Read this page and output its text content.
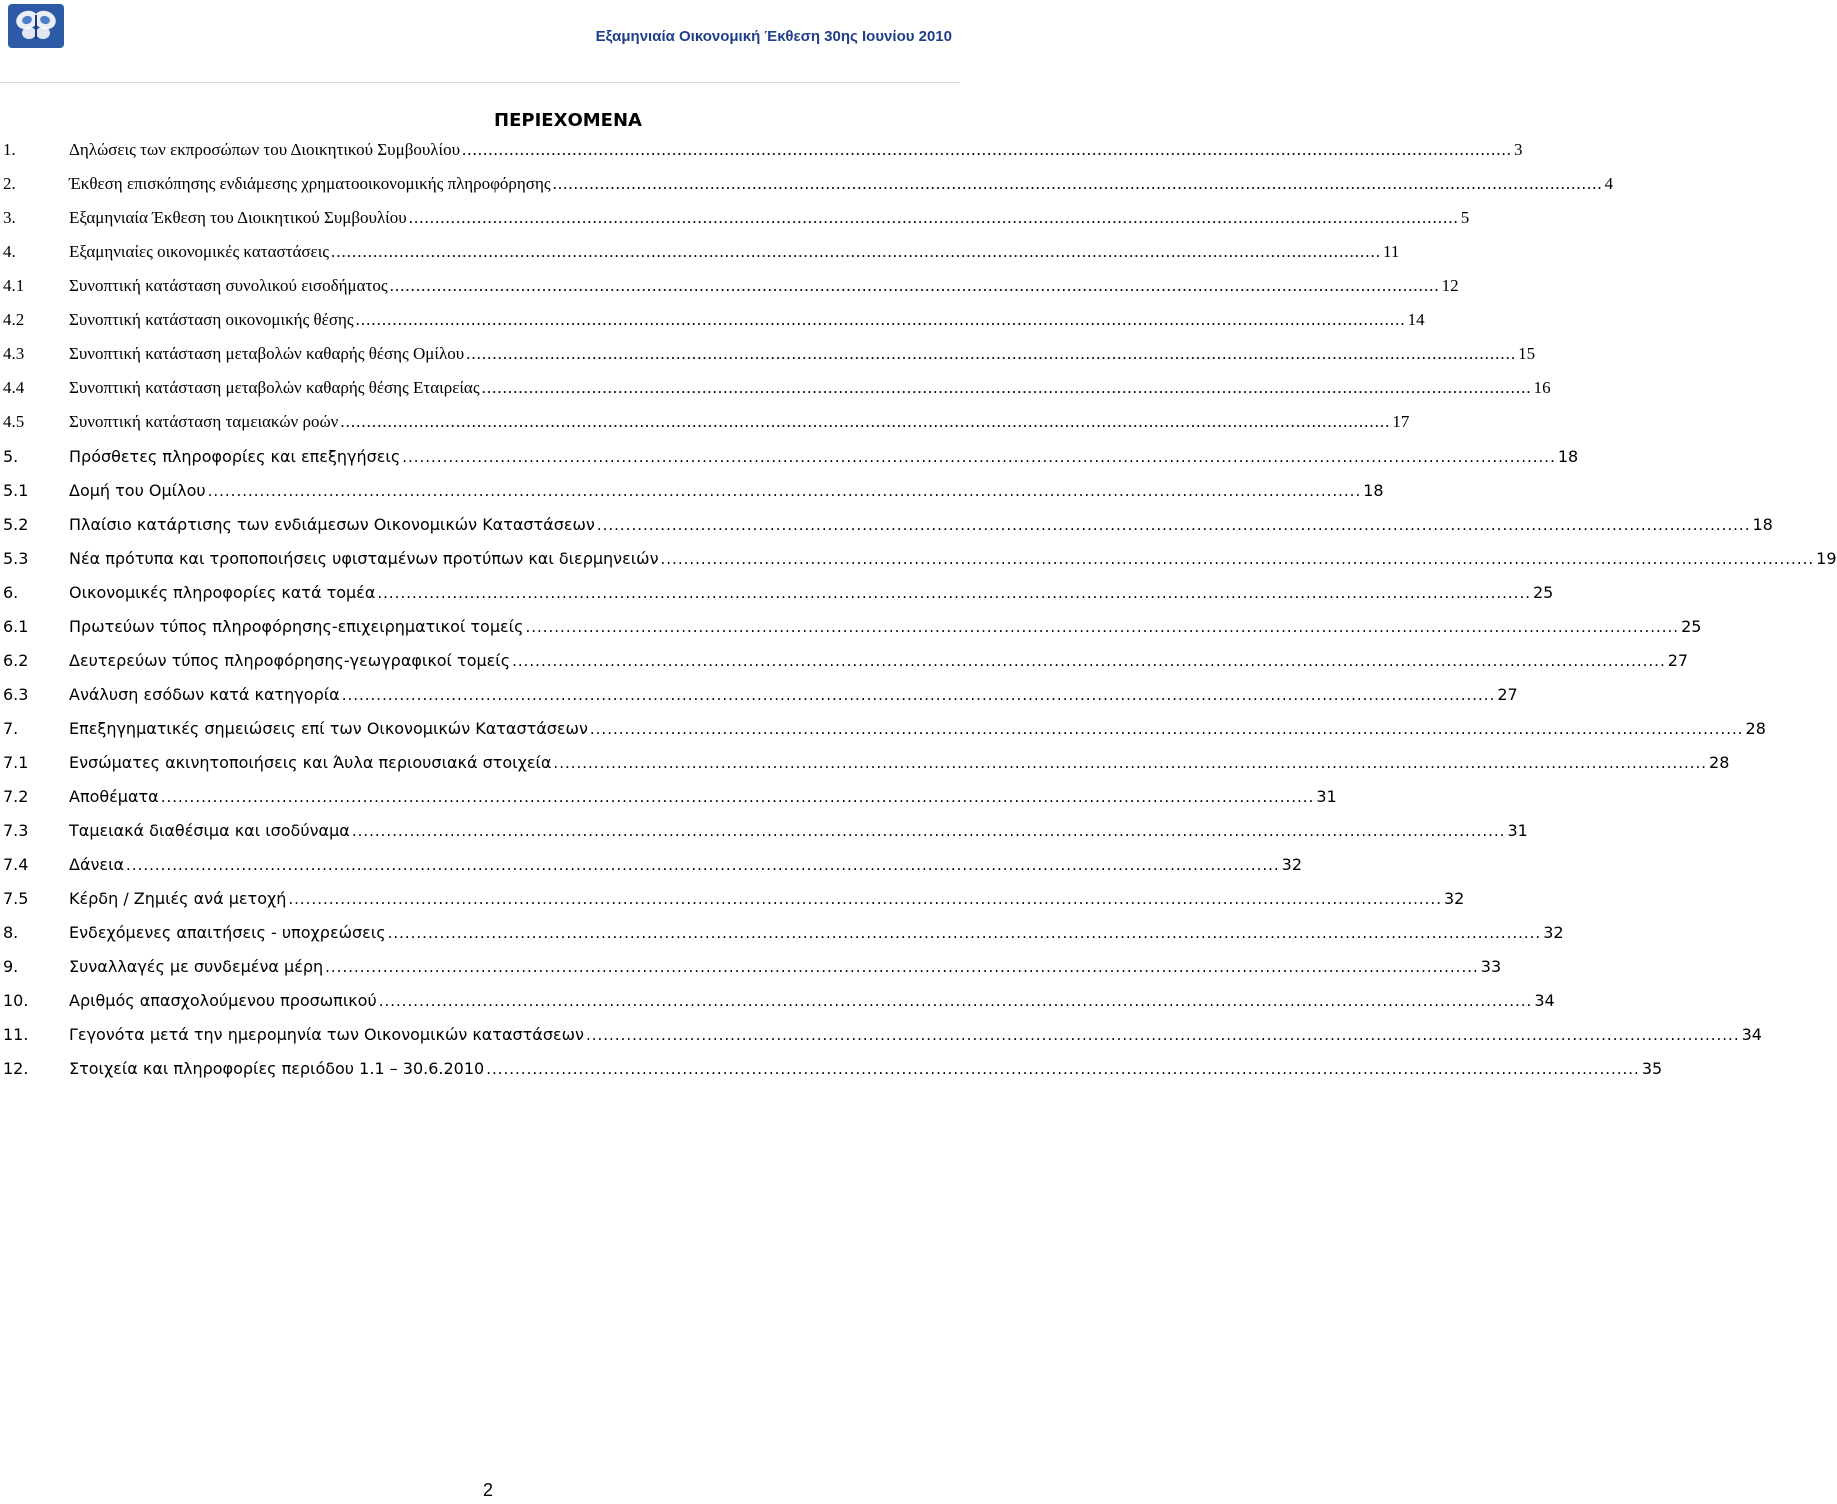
Εξαμηνιαία Οικονομική Έκθεση 30ης Ιουνίου 2010
ΠΕΡΙΕΧΟΜΕΝΑ
1.	Δηλώσεις των εκπροσώπων του Διοικητικού Συμβουλίου ........................................................................................................................................................................................................ 3
2.	Έκθεση επισκόπησης ενδιάμεσης χρηματοοικονομικής πληροφόρησης ........................................................................................................................................................................................................ 4
3.	Εξαμηνιαία Έκθεση του Διοικητικού Συμβουλίου ........................................................................................................................................................................................................ 5
4.	Εξαμηνιαίες οικονομικές καταστάσεις ........................................................................................................................................................................................................ 11
4.1	Συνοπτική κατάσταση συνολικού εισοδήματος ........................................................................................................................................................................................................ 12
4.2	Συνοπτική κατάσταση οικονομικής θέσης ........................................................................................................................................................................................................ 14
4.3	Συνοπτική κατάσταση μεταβολών καθαρής θέσης Ομίλου ........................................................................................................................................................................................................ 15
4.4	Συνοπτική κατάσταση μεταβολών καθαρής θέσης Εταιρείας ........................................................................................................................................................................................................ 16
4.5	Συνοπτική κατάσταση ταμειακών ροών ........................................................................................................................................................................................................ 17
5.	Πρόσθετες πληροφορίες και επεξηγήσεις ........................................................................................................................................................................................................ 18
5.1	Δομή του Ομίλου ........................................................................................................................................................................................................ 18
5.2	Πλαίσιο κατάρτισης των ενδιάμεσων Οικονομικών Καταστάσεων ........................................................................................................................................................................................................ 18
5.3	Νέα πρότυπα και τροποποιήσεις υφισταμένων προτύπων και διερμηνειών ........................................................................................................................................................................................................ 19
6.	Οικονομικές πληροφορίες κατά τομέα ........................................................................................................................................................................................................ 25
6.1	Πρωτεύων τύπος πληροφόρησης-επιχειρηματικοί τομείς ........................................................................................................................................................................................................ 25
6.2	Δευτερεύων τύπος πληροφόρησης-γεωγραφικοί τομείς ........................................................................................................................................................................................................ 27
6.3	Ανάλυση εσόδων κατά κατηγορία ........................................................................................................................................................................................................ 27
7.	Επεξηγηματικές σημειώσεις επί των Οικονομικών Καταστάσεων ........................................................................................................................................................................................................ 28
7.1	Ενσώματες ακινητοποιήσεις και Άυλα περιουσιακά στοιχεία ........................................................................................................................................................................................................ 28
7.2	Αποθέματα ........................................................................................................................................................................................................ 31
7.3	Ταμειακά διαθέσιμα και ισοδύναμα ........................................................................................................................................................................................................ 31
7.4	Δάνεια ........................................................................................................................................................................................................ 32
7.5	Κέρδη / Ζημιές ανά μετοχή ........................................................................................................................................................................................................ 32
8.	Ενδεχόμενες απαιτήσεις - υποχρεώσεις ........................................................................................................................................................................................................ 32
9.	Συναλλαγές με συνδεμένα μέρη ........................................................................................................................................................................................................ 33
10.	Αριθμός απασχολούμενου προσωπικού ........................................................................................................................................................................................................ 34
11.	Γεγονότα μετά την ημερομηνία των Οικονομικών καταστάσεων ........................................................................................................................................................................................................ 34
12.	Στοιχεία και πληροφορίες περιόδου 1.1 – 30.6.2010 ........................................................................................................................................................................................................ 35
2
